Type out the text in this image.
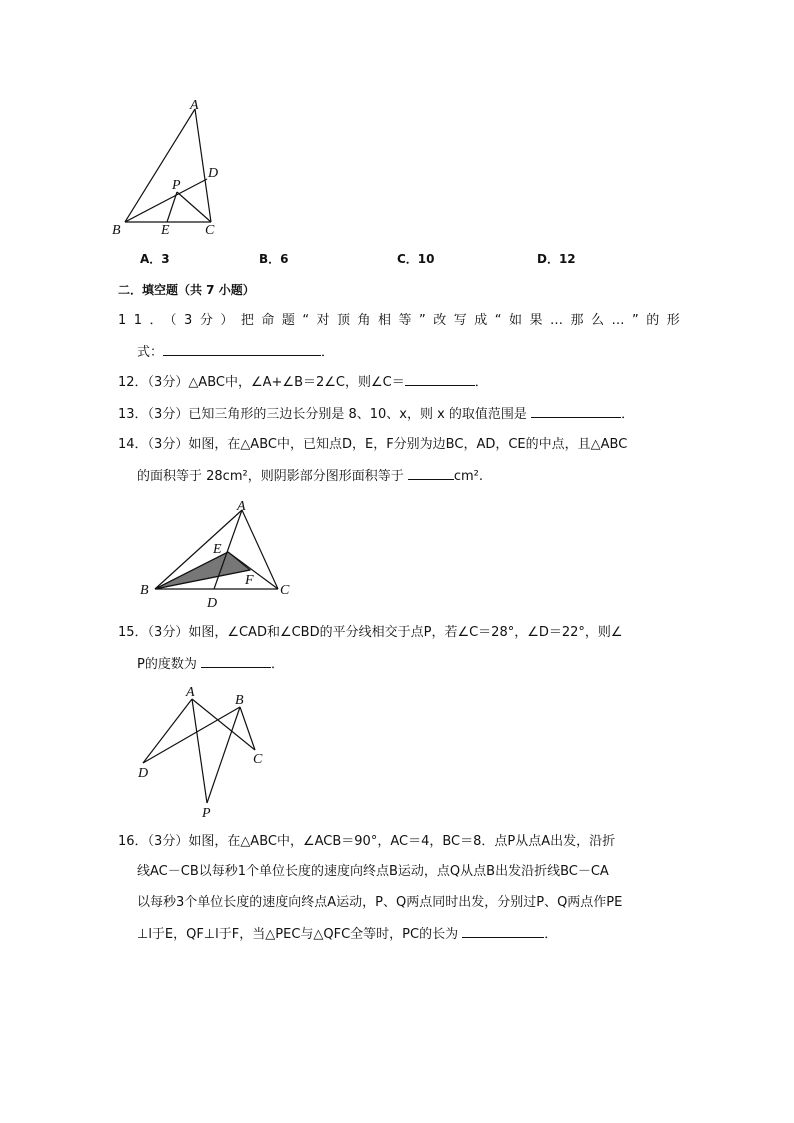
A
B	C
D
E
P
A．3	B．6	C．10	D．12
二．填空题（共 7 小题）
11．（3分）把命题“对顶角相等”改写成“如果…那么…”的形
式：	．
12．（3分）△ABC中，∠A+∠B＝2∠C，则∠C＝	．
13．（3分）已知三角形的三边长分别是 8、10、x，则 x 的取值范围是	．
14．（3分）如图，在△ABC中，已知点D，E，F分别为边BC，AD，CE的中点，且△ABC
的面积等于 28cm²，则阴影部分图形面积等于	cm².
A
B	C
D
E
F
15．（3分）如图，∠CAD和∠CBD的平分线相交于点P，若∠C＝28°，∠D＝22°，则∠
P的度数为	．
A
B
C
D
P
16．（3分）如图，在△ABC中，∠ACB＝90°，AC＝4，BC＝8．点P从点A出发，沿折
线AC－CB以每秒1个单位长度的速度向终点B运动，点Q从点B出发沿折线BC－CA
以每秒3个单位长度的速度向终点A运动，P、Q两点同时出发，分别过P、Q两点作PE
⊥l于E，QF⊥l于F，当△PEC与△QFC全等时，PC的长为	．
